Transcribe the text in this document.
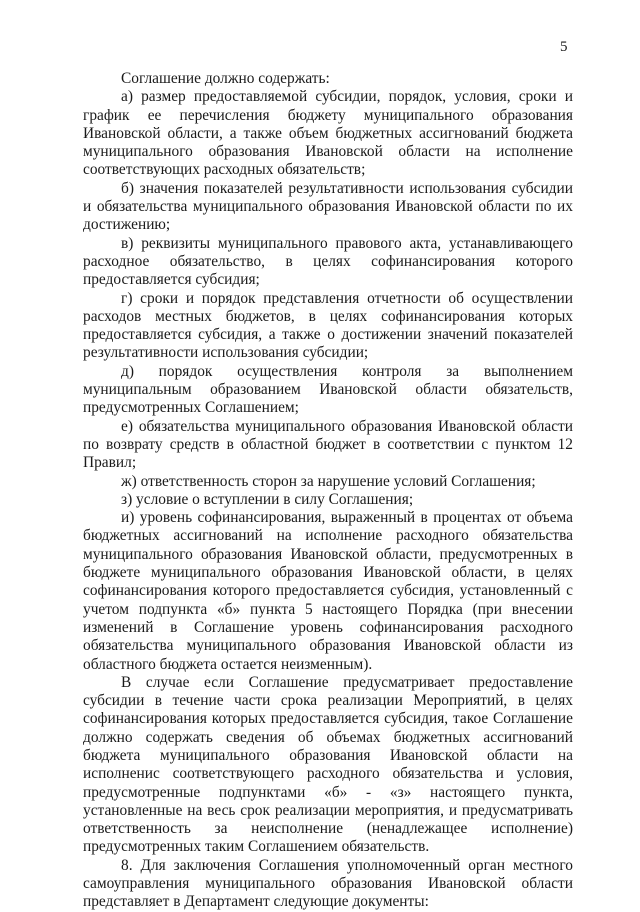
5

Соглашение должно содержать:

а) размер предоставляемой субсидии, порядок, условия, сроки и график ее перечисления бюджету муниципального образования Ивановской области, а также объем бюджетных ассигнований бюджета муниципального образования Ивановской области на исполнение соответствующих расходных обязательств;

б) значения показателей результативности использования субсидии и обязательства муниципального образования Ивановской области по их достижению;

в) реквизиты муниципального правового акта, устанавливающего расходное обязательство, в целях софинансирования которого предоставляется субсидия;

г) сроки и порядок представления отчетности об осуществлении расходов местных бюджетов, в целях софинансирования которых предоставляется субсидия, а также о достижении значений показателей результативности использования субсидии;

д) порядок осуществления контроля за выполнением муниципальным образованием Ивановской области обязательств, предусмотренных Соглашением;

е) обязательства муниципального образования Ивановской области по возврату средств в областной бюджет в соответствии с пунктом 12 Правил;

ж) ответственность сторон за нарушение условий Соглашения;

з) условие о вступлении в силу Соглашения;

и) уровень софинансирования, выраженный в процентах от объема бюджетных ассигнований на исполнение расходного обязательства муниципального образования Ивановской области, предусмотренных в бюджете муниципального образования Ивановской области, в целях софинансирования которого предоставляется субсидия, установленный с учетом подпункта «б» пункта 5 настоящего Порядка (при внесении изменений в Соглашение уровень софинансирования расходного обязательства муниципального образования Ивановской области из областного бюджета остается неизменным).

В случае если Соглашение предусматривает предоставление субсидии в течение части срока реализации Мероприятий, в целях софинансирования которых предоставляется субсидия, такое Соглашение должно содержать сведения об объемах бюджетных ассигнований бюджета муниципального образования Ивановской области на исполненис соответствующего расходного обязательства и условия, предусмотренные подпунктами «б» - «з» настоящего пункта, установленные на весь срок реализации мероприятия, и предусматривать ответственность за неисполнение (ненадлежащее исполнение) предусмотренных таким Соглашением обязательств.

8. Для заключения Соглашения уполномоченный орган местного самоуправления муниципального образования Ивановской области представляет в Департамент следующие документы:
